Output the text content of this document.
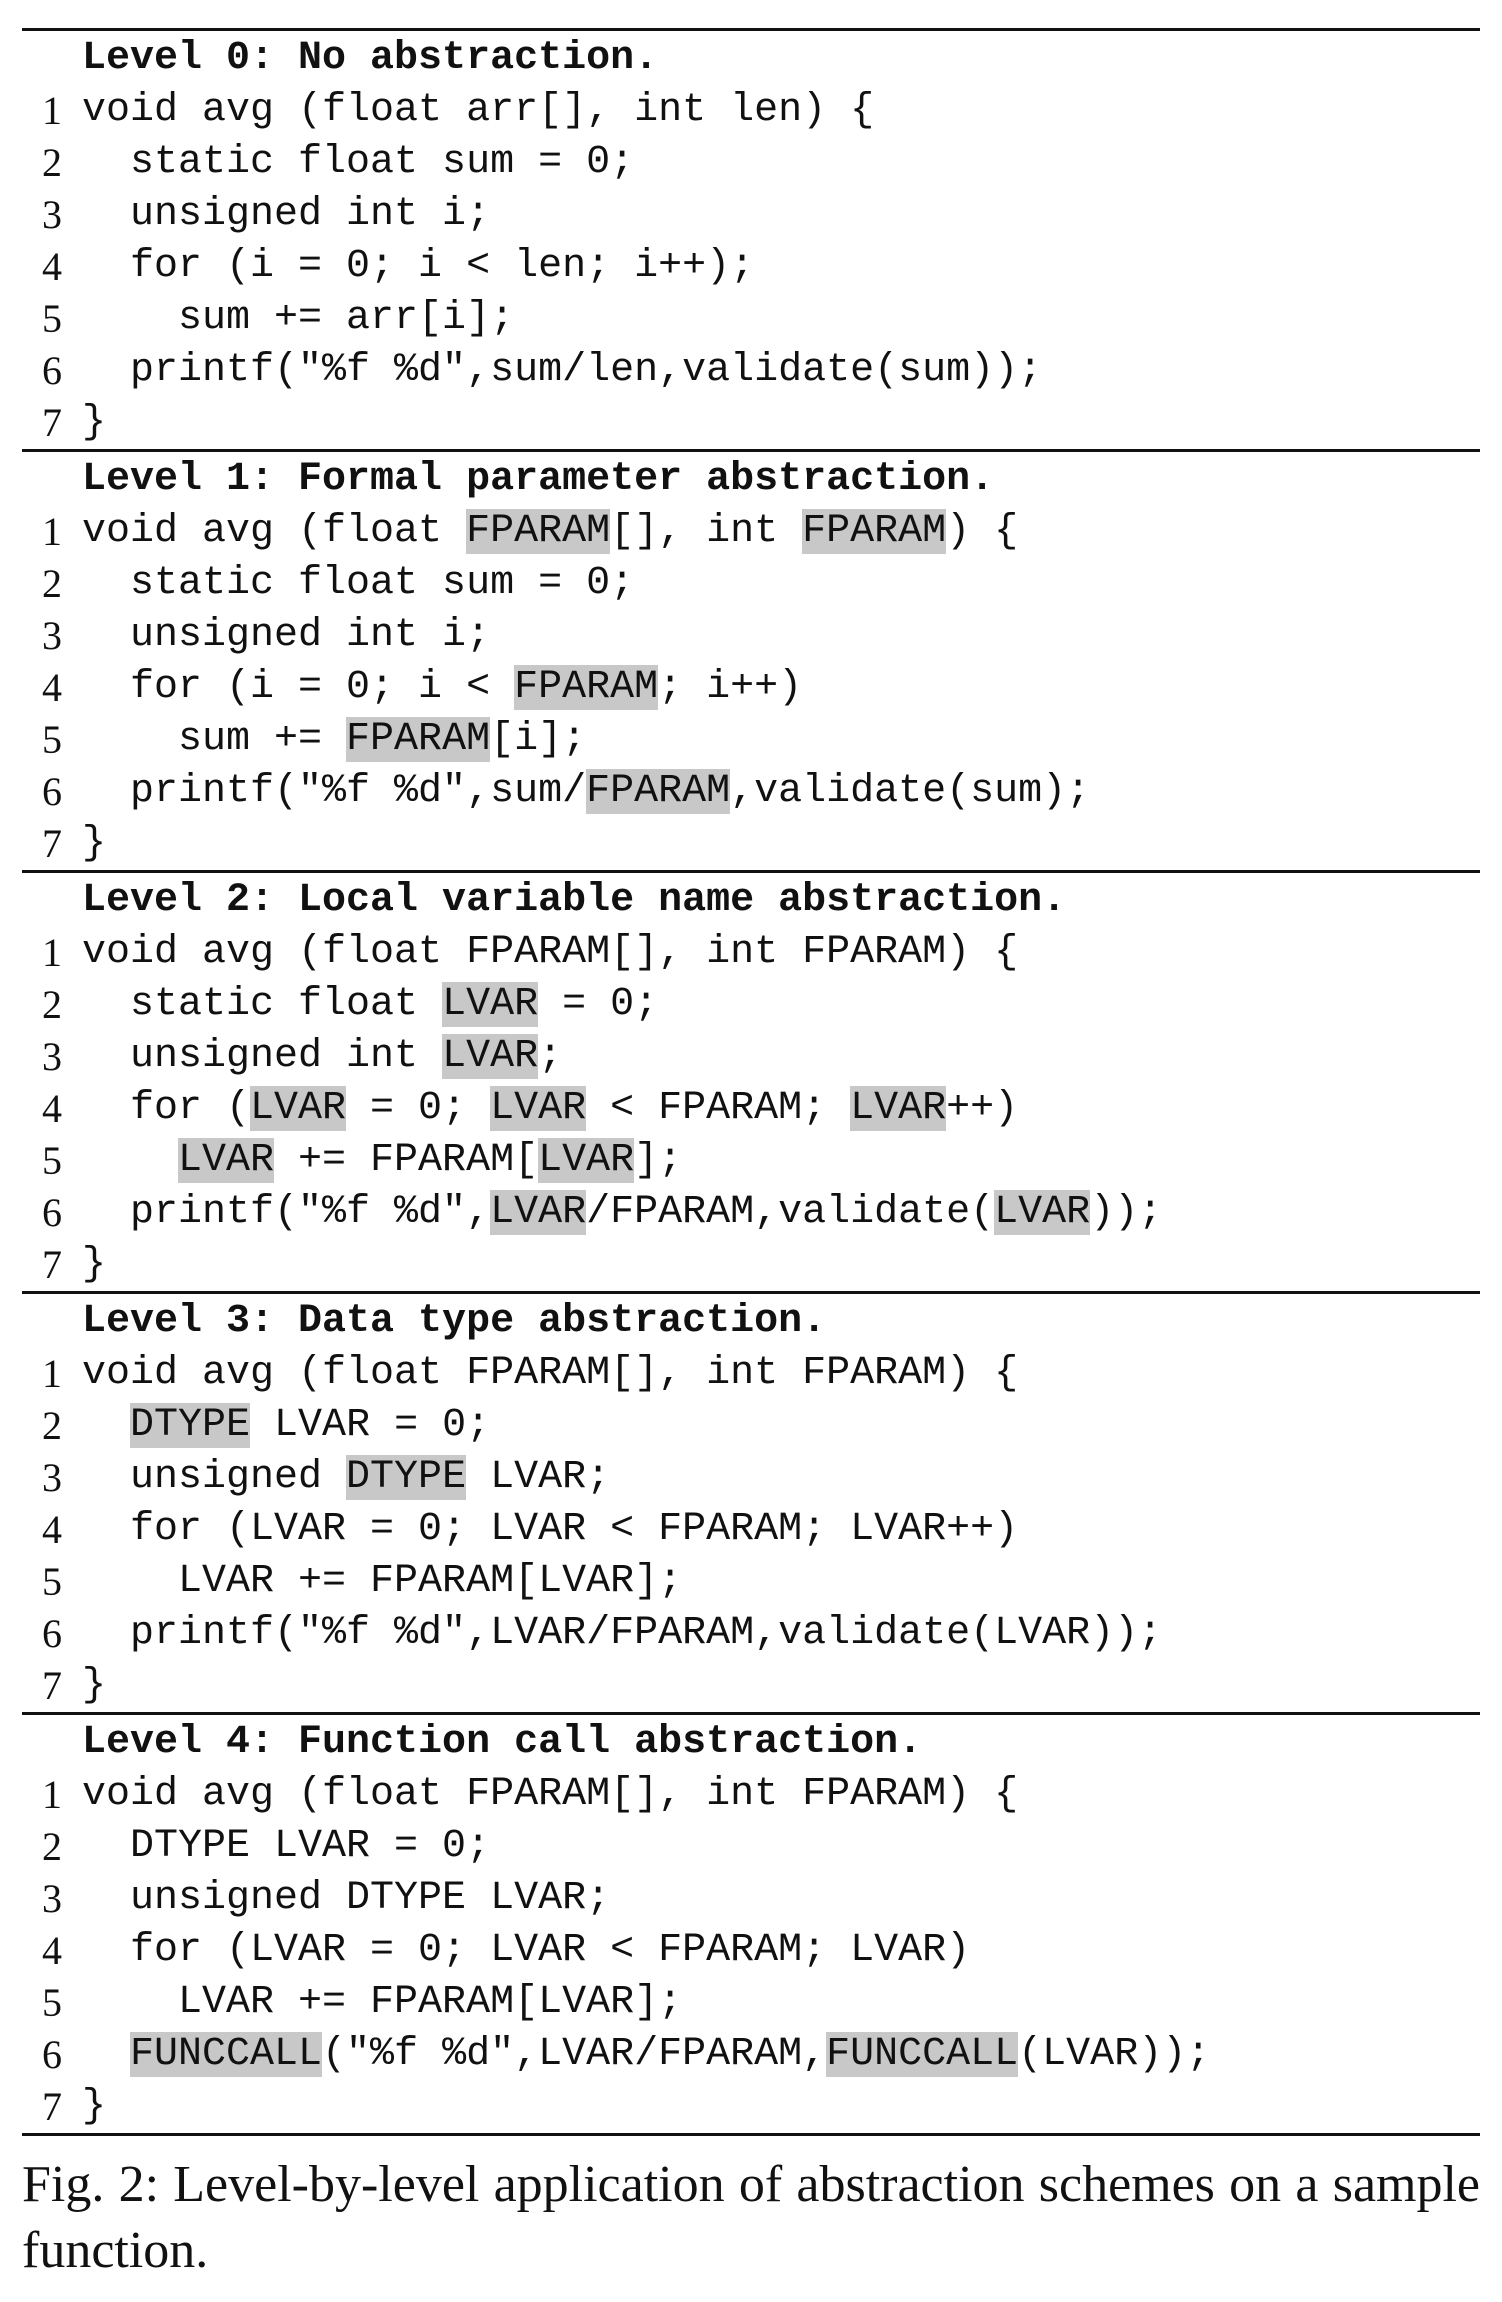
Level 0: No abstraction.
1 void avg (float arr[], int len) {
2 static float sum = 0;
3 unsigned int i;
4 for (i = 0; i < len; i++);
5 sum += arr[i];
6 printf("%f %d",sum/len,validate(sum));
7 }
Level 1: Formal parameter abstraction.
1 void avg (float FPARAM[], int FPARAM) {
2 static float sum = 0;
3 unsigned int i;
4 for (i = 0; i < FPARAM; i++)
5 sum += FPARAM[i];
6 printf("%f %d",sum/FPARAM,validate(sum);
7 }
Level 2: Local variable name abstraction.
1 void avg (float FPARAM[], int FPARAM) {
2 static float LVAR = 0;
3 unsigned int LVAR;
4 for (LVAR = 0; LVAR < FPARAM; LVAR++)
5	LVAR += FPARAM[LVAR];
6 printf("%f %d",LVAR/FPARAM,validate(LVAR));
7 }
Level 3: Data type abstraction.
1 void avg (float FPARAM[], int FPARAM) {
2	DTYPE LVAR = 0;
3 unsigned DTYPE LVAR;
4 for (LVAR = 0; LVAR < FPARAM; LVAR++)
5 LVAR += FPARAM[LVAR];
6 printf("%f %d",LVAR/FPARAM,validate(LVAR));
7 }
Level 4: Function call abstraction.
1 void avg (float FPARAM[], int FPARAM) {
2 DTYPE LVAR = 0;
3 unsigned DTYPE LVAR;
4 for (LVAR = 0; LVAR < FPARAM; LVAR)
5 LVAR += FPARAM[LVAR];
6	FUNCCALL("%f %d",LVAR/FPARAM,FUNCCALL(LVAR));
7 }
Fig. 2: Level-by-level application of abstraction schemes on a sample function.
